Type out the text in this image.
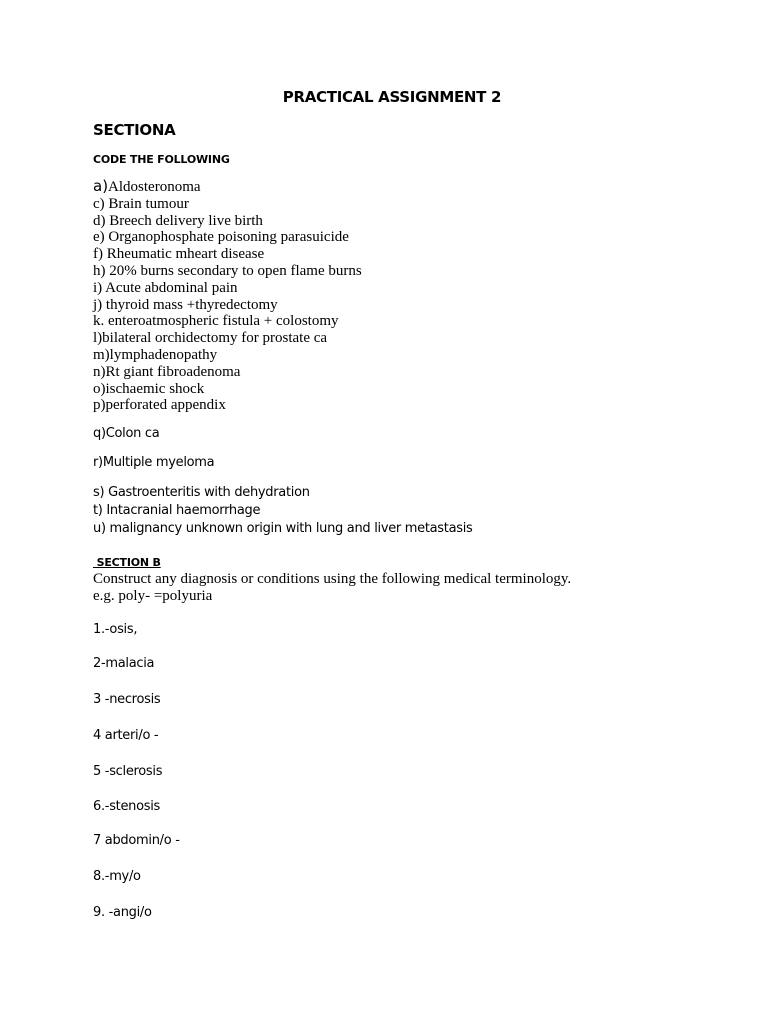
PRACTICAL ASSIGNMENT 2
SECTIONA
CODE THE FOLLOWING
a)Aldosteronoma
c) Brain tumour
d) Breech delivery live birth
e) Organophosphate poisoning parasuicide
f) Rheumatic mheart disease
h) 20% burns secondary to open flame burns
i) Acute abdominal pain
j) thyroid mass +thyredectomy
k. enteroatmospheric fistula + colostomy
l)bilateral orchidectomy for prostate ca
m)lymphadenopathy
n)Rt giant fibroadenoma
o)ischaemic shock
p)perforated appendix
q)Colon ca
r)Multiple myeloma
s) Gastroenteritis with dehydration
t) Intacranial haemorrhage
u) malignancy unknown origin with lung and liver metastasis
SECTION B
Construct any diagnosis or conditions using the following medical terminology.
e.g. poly- =polyuria
1.-osis,
2-malacia
3 -necrosis
4 arteri/o -
5 -sclerosis
6.-stenosis
7 abdomin/o -
8.-my/o
9. -angi/o
